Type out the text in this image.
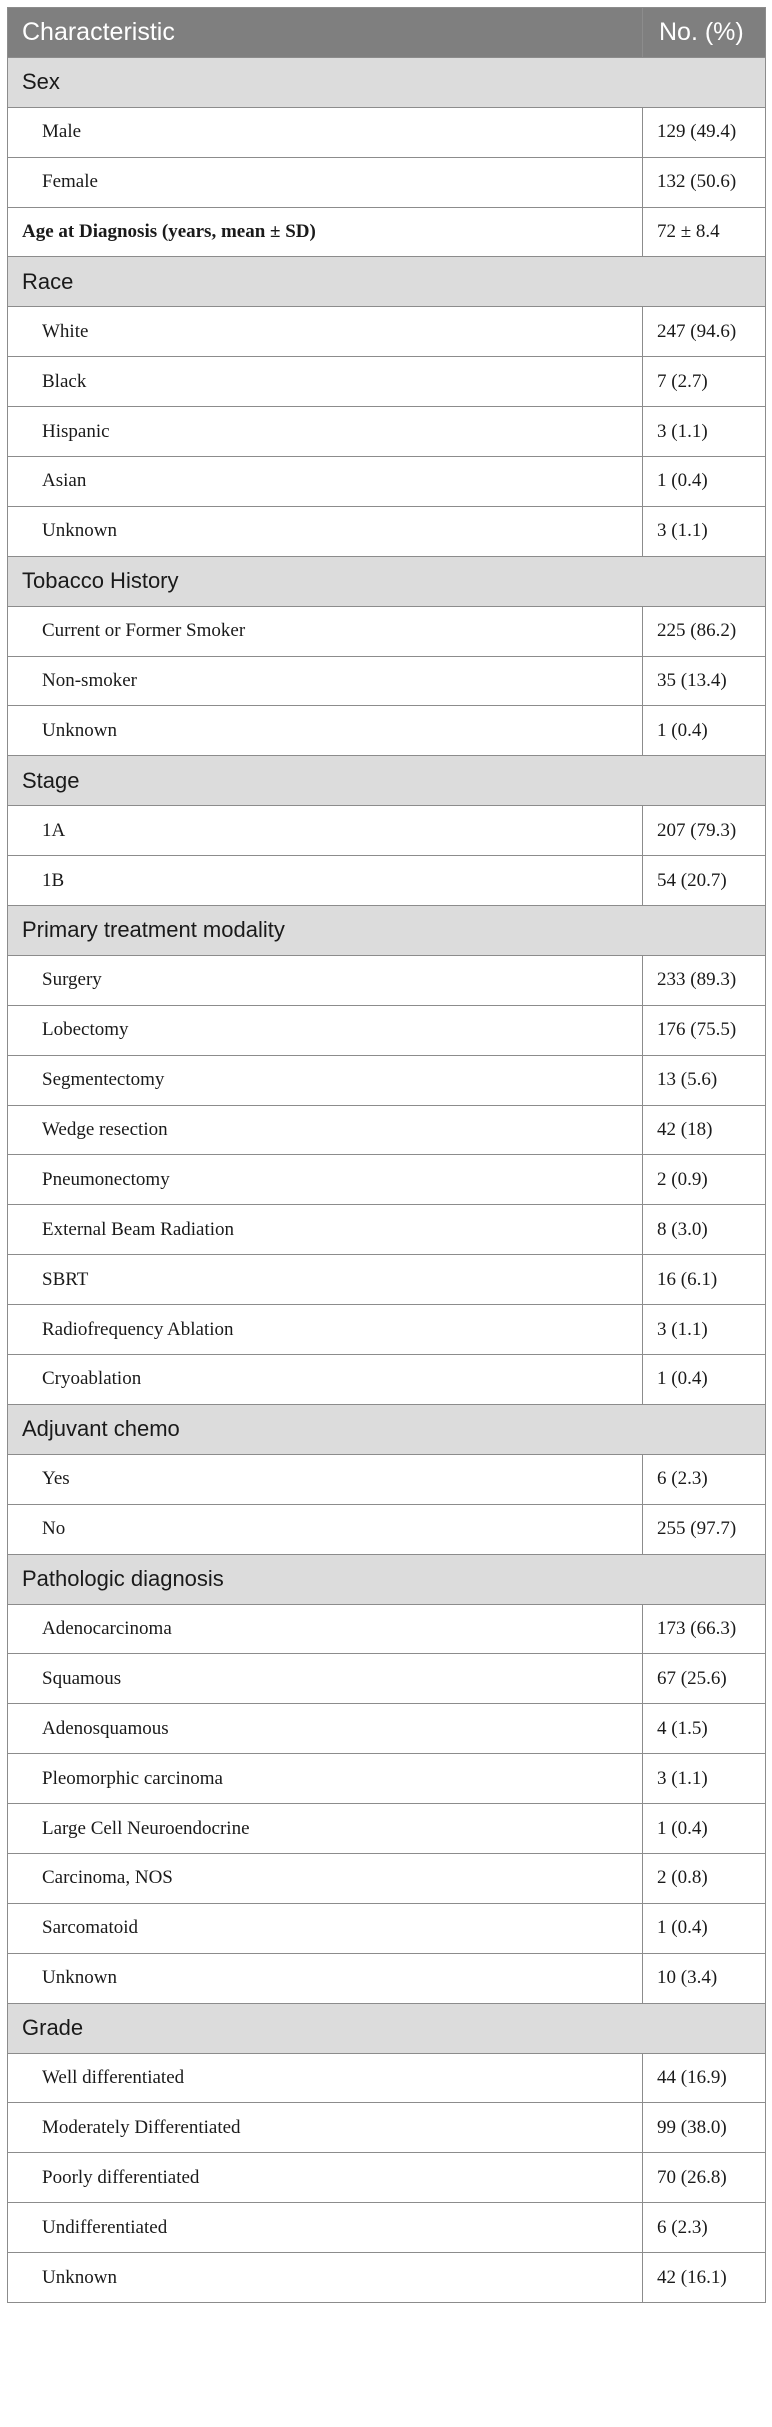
Characteristic	No. (%)
Sex	
Male	129 (49.4)
Female	132 (50.6)
Age at Diagnosis (years, mean ± SD)	72 ± 8.4
Race	
White	247 (94.6)
Black	7 (2.7)
Hispanic	3 (1.1)
Asian	1 (0.4)
Unknown	3 (1.1)
Tobacco History	
Current or Former Smoker	225 (86.2)
Non-smoker	35 (13.4)
Unknown	1 (0.4)
Stage	
1A	207 (79.3)
1B	54 (20.7)
Primary treatment modality	
Surgery	233 (89.3)
Lobectomy	176 (75.5)
Segmentectomy	13 (5.6)
Wedge resection	42 (18)
Pneumonectomy	2 (0.9)
External Beam Radiation	8 (3.0)
SBRT	16 (6.1)
Radiofrequency Ablation	3 (1.1)
Cryoablation	1 (0.4)
Adjuvant chemo	
Yes	6 (2.3)
No	255 (97.7)
Pathologic diagnosis	
Adenocarcinoma	173 (66.3)
Squamous	67 (25.6)
Adenosquamous	4 (1.5)
Pleomorphic carcinoma	3 (1.1)
Large Cell Neuroendocrine	1 (0.4)
Carcinoma, NOS	2 (0.8)
Sarcomatoid	1 (0.4)
Unknown	10 (3.4)
Grade	
Well differentiated	44 (16.9)
Moderately Differentiated	99 (38.0)
Poorly differentiated	70 (26.8)
Undifferentiated	6 (2.3)
Unknown	42 (16.1)
